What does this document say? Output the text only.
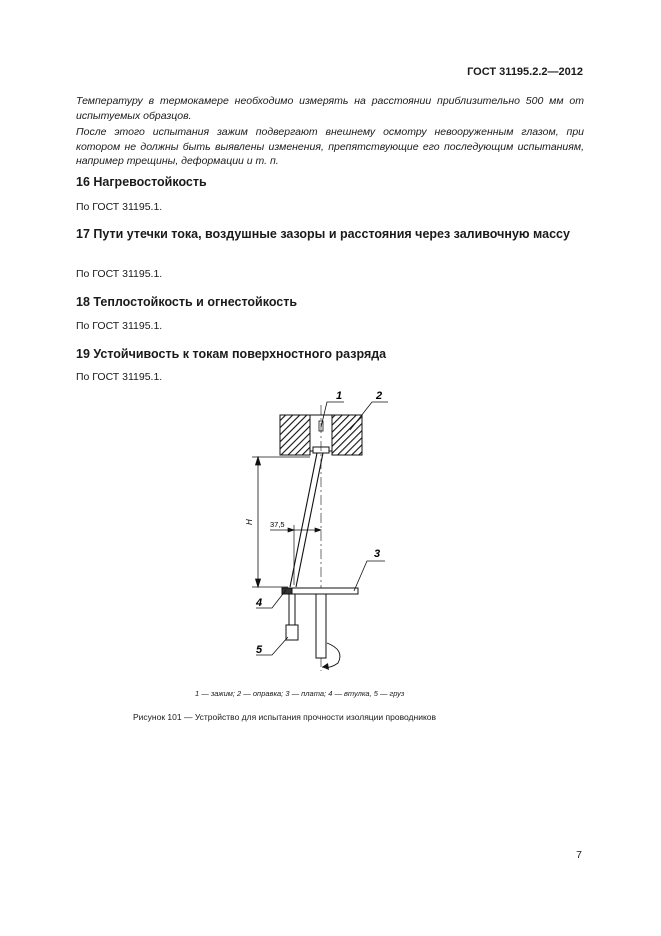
ГОСТ 31195.2.2—2012

Температуру в термокамере необходимо измерять на расстоянии приблизительно 500 мм от испытуемых образцов.

После этого испытания зажим подвергают внешнему осмотру невооруженным глазом, при котором не должны быть выявлены изменения, препятствующие его последующим испытаниям, например трещины, деформации и т. п.

16 Нагревостойкость
По ГОСТ 31195.1.
17 Пути утечки тока, воздушные зазоры и расстояния через заливочную массу
По ГОСТ 31195.1.
18 Теплостойкость и огнестойкость
По ГОСТ 31195.1.
19 Устойчивость к токам поверхностного разряда
По ГОСТ 31195.1.
H 37,5
1	2
3
4
5
1 — зажим; 2 — оправка; 3 — плата; 4 — втулка, 5 — груз
Рисунок 101 — Устройство для испытания прочности изоляции проводников
7
